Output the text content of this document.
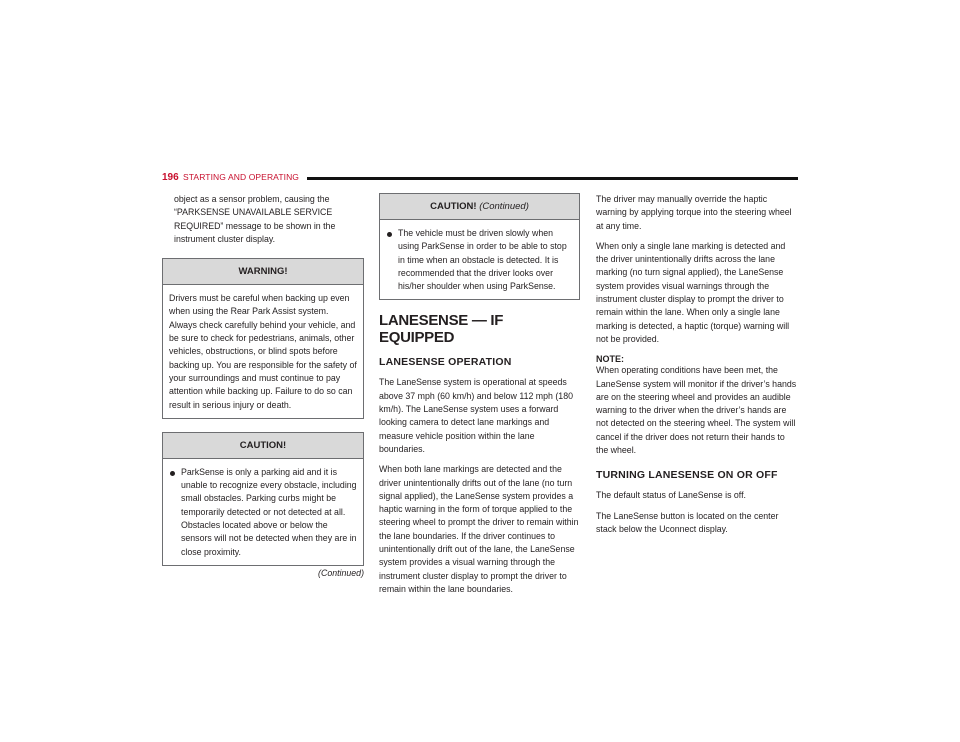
196 STARTING AND OPERATING

object as a sensor problem, causing the “PARKSENSE UNAVAILABLE SERVICE REQUIRED” message to be shown in the instrument cluster display.

WARNING!
Drivers must be careful when backing up even when using the Rear Park Assist system. Always check carefully behind your vehicle, and be sure to check for pedestrians, animals, other vehicles, obstructions, or blind spots before backing up. You are responsible for the safety of your surroundings and must continue to pay attention while backing up. Failure to do so can result in serious injury or death.
CAUTION!
ParkSense is only a parking aid and it is unable to recognize every obstacle, including small obstacles. Parking curbs might be temporarily detected or not detected at all. Obstacles located above or below the sensors will not be detected when they are in close proximity.
(Continued)
CAUTION! (Continued)
The vehicle must be driven slowly when using ParkSense in order to be able to stop in time when an obstacle is detected. It is recommended that the driver looks over his/her shoulder when using ParkSense.
LANESENSE — IF EQUIPPED
LANESENSE OPERATION

The LaneSense system is operational at speeds above 37 mph (60 km/h) and below 112 mph (180 km/h). The LaneSense system uses a forward looking camera to detect lane markings and measure vehicle position within the lane boundaries.

When both lane markings are detected and the driver unintentionally drifts out of the lane (no turn signal applied), the LaneSense system provides a haptic warning in the form of torque applied to the steering wheel to prompt the driver to remain within the lane boundaries. If the driver continues to unintentionally drift out of the lane, the LaneSense system provides a visual warning through the instrument cluster display to prompt the driver to remain within the lane boundaries.

The driver may manually override the haptic warning by applying torque into the steering wheel at any time.

When only a single lane marking is detected and the driver unintentionally drifts across the lane marking (no turn signal applied), the LaneSense system provides visual warnings through the instrument cluster display to prompt the driver to remain within the lane. When only a single lane marking is detected, a haptic (torque) warning will not be provided.

NOTE:

When operating conditions have been met, the LaneSense system will monitor if the driver’s hands are on the steering wheel and provides an audible warning to the driver when the driver’s hands are not detected on the steering wheel. The system will cancel if the driver does not return their hands to the wheel.

TURNING LANESENSE ON OR OFF

The default status of LaneSense is off.

The LaneSense button is located on the center stack below the Uconnect display.
